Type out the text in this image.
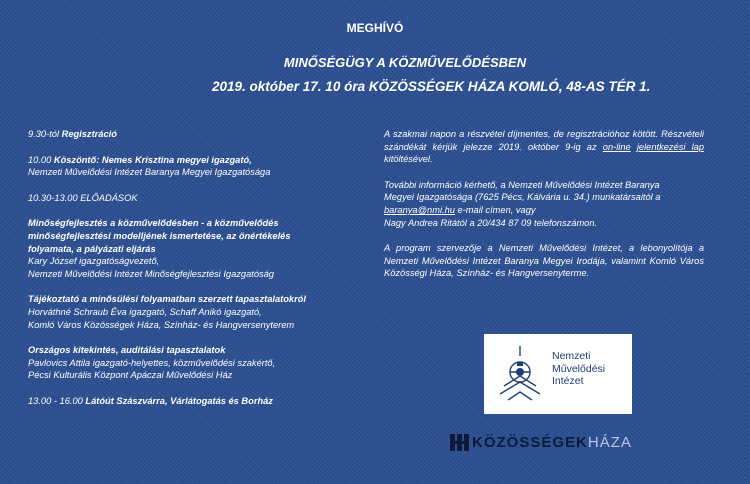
MEGHÍVÓ
MINŐSÉGÜGY A KÖZMŰVELŐDÉSBEN
2019. október 17. 10 óra KÖZÖSSÉGEK HÁZA KOMLÓ, 48-AS TÉR 1.

9.30-tól Regisztráció

10.00 Köszöntő: Nemes Krisztina megyei igazgató,
Nemzeti Művelődési Intézet Baranya Megyei Igazgatósága

10.30-13.00 ELŐADÁSOK

Minőségfejlesztés a közművelődésben - a közművelődés
minőségfejlesztési modelljének ismertetése, az önértékelés
folyamata, a pályázati eljárás
Kary József igazgatóságvezető,
Nemzeti Művelődési Intézet Minőségfejlesztési Igazgatóság

Tájékoztató a minősülési folyamatban szerzett tapasztalatokról
Horváthné Schraub Éva igazgató, Schaff Anikó igazgató,
Komló Város Közösségek Háza, Színház- és Hangversenyterem

Országos kitekintés, auditálási tapasztalatok
Pavlovics Attila igazgató-helyettes, közművelődési szakértő,
Pécsi Kulturális Központ Apáczai Művelődési Ház

13.00 - 16.00 Látóút Szászvárra, Várlátogatás és Borház

A szakmai napon a részvétel díjmentes, de regisztrációhoz kötött. Részvételi szándékát kérjük jelezze 2019. október 9-ig az on-line jelentkezési lap kitöltésével.

További információ kérhető, a Nemzeti Művelődési Intézet Baranya
Megyei Igazgatósága (7625 Pécs, Kálvária u. 34.) munkatársaitól a
baranya@nmi.hu e-mail címen, vagy
Nagy Andrea Ritától a 20/434 87 09 telefonszámon.

A program szervezője a Nemzeti Művelődési Intézet, a lebonyolítója a Nemzeti Művelődési Intézet Baranya Megyei Irodája, valamint Komló Város Közösségi Háza, Színház- és Hangversenyterme.

Nemzeti
Művelődési
Intézet
KÖZÖSSÉGEK HÁZA
